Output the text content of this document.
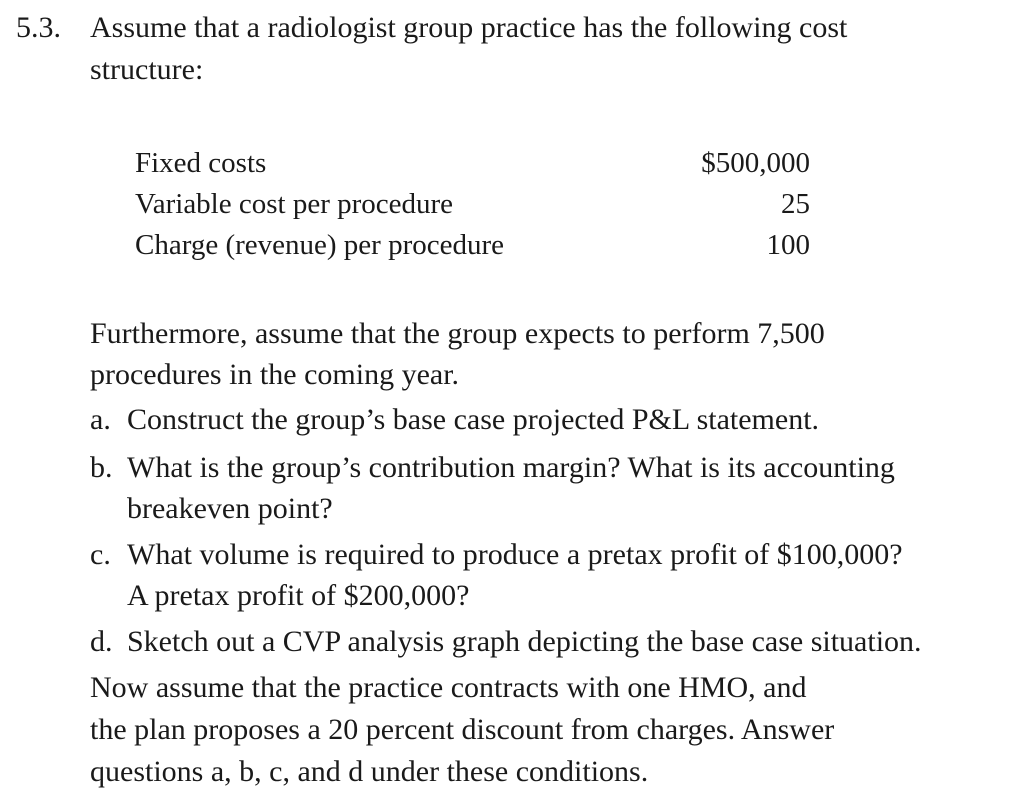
5.3. Assume that a radiologist group practice has the following cost
structure:
Fixed costs	$500,000
Variable cost per procedure	25
Charge (revenue) per procedure	100
Furthermore, assume that the group expects to perform 7,500
procedures in the coming year.
a. Construct the group’s base case projected P&L statement.
b. What is the group’s contribution margin? What is its accounting
breakeven point?
c. What volume is required to produce a pretax profit of $100,000?
A pretax profit of $200,000?
d. Sketch out a CVP analysis graph depicting the base case situation.
Now assume that the practice contracts with one HMO, and
the plan proposes a 20 percent discount from charges. Answer
questions a, b, c, and d under these conditions.
